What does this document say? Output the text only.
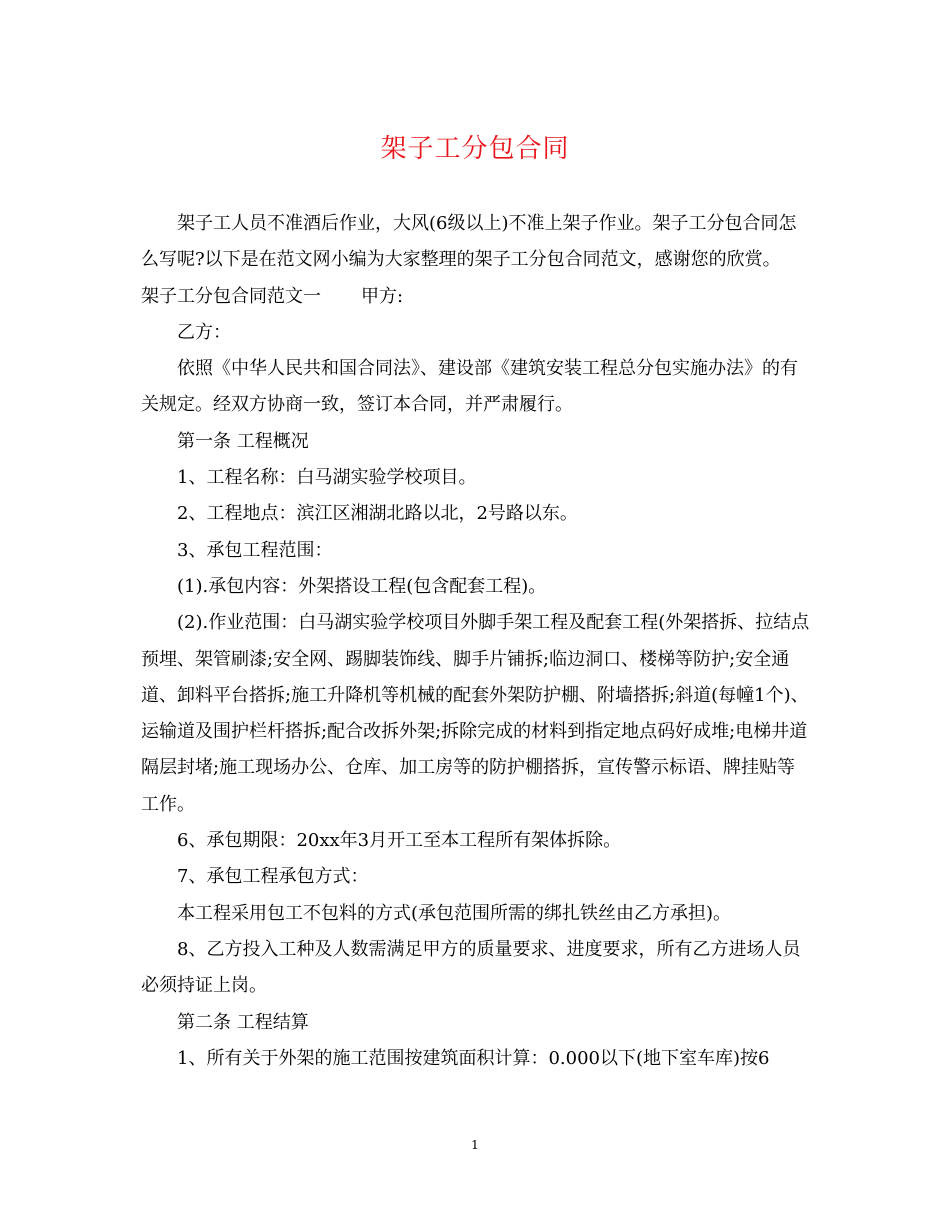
架子工分包合同

架子工人员不准酒后作业，大风(6级以上)不准上架子作业。架子工分包合同怎么写呢?以下是在范文网小编为大家整理的架子工分包合同范文，感谢您的欣赏。

架子工分包合同范文一 甲方:

乙方：

依照《中华人民共和国合同法》、建设部《建筑安装工程总分包实施办法》的有关规定。经双方协商一致，签订本合同，并严肃履行。

第一条 工程概况

1、工程名称：白马湖实验学校项目。

2、工程地点：滨江区湘湖北路以北，2号路以东。

3、承包工程范围：

(1).承包内容：外架搭设工程(包含配套工程)。

(2).作业范围：白马湖实验学校项目外脚手架工程及配套工程(外架搭拆、拉结点预埋、架管刷漆;安全网、踢脚装饰线、脚手片铺拆;临边洞口、楼梯等防护;安全通道、卸料平台搭拆;施工升降机等机械的配套外架防护棚、附墙搭拆;斜道(每幢1个)、运输道及围护栏杆搭拆;配合改拆外架;拆除完成的材料到指定地点码好成堆;电梯井道隔层封堵;施工现场办公、仓库、加工房等的防护棚搭拆，宣传警示标语、牌挂贴等工作。

6、承包期限：20xx年3月开工至本工程所有架体拆除。

7、承包工程承包方式：

本工程采用包工不包料的方式(承包范围所需的绑扎铁丝由乙方承担)。

8、乙方投入工种及人数需满足甲方的质量要求、进度要求，所有乙方进场人员必须持证上岗。

第二条 工程结算

1、所有关于外架的施工范围按建筑面积计算：0.000以下(地下室车库)按6

1
